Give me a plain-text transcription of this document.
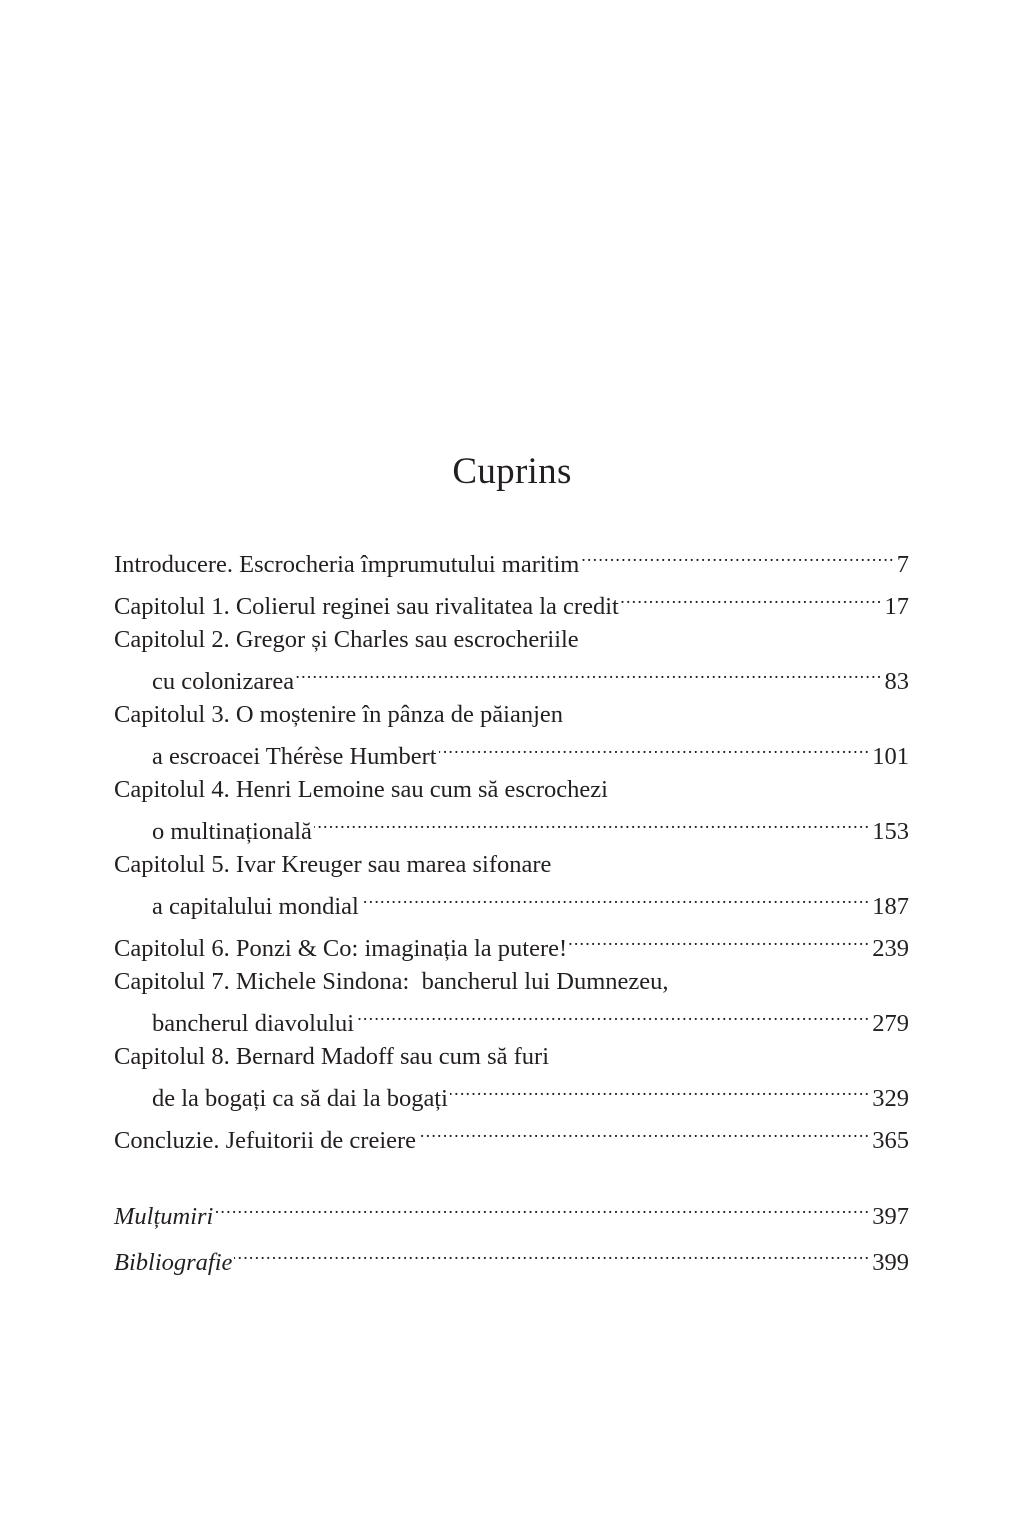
Cuprins
Introducere. Escrocheria împrumutului maritim .....	7
Capitolul 1. Colierul reginei sau rivalitatea la credit .....	17
Capitolul 2. Gregor și Charles sau escrocheriile
cu colonizarea .....	83
Capitolul 3. O moștenire în pânza de păianjen
a escroacei Thérèse Humbert .....	101
Capitolul 4. Henri Lemoine sau cum să escrochezi
o multinațională .....	153
Capitolul 5. Ivar Kreuger sau marea sifonare
a capitalului mondial .....	187
Capitolul 6. Ponzi & Co: imaginația la putere! .....	239
Capitolul 7. Michele Sindona:  bancherul lui Dumnezeu,
bancherul diavolului .....	279
Capitolul 8. Bernard Madoff sau cum să furi
de la bogați ca să dai la bogați .....	329
Concluzie. Jefuitorii de creiere .....	365
Mulțumiri .....	397
Bibliografie .....	399
